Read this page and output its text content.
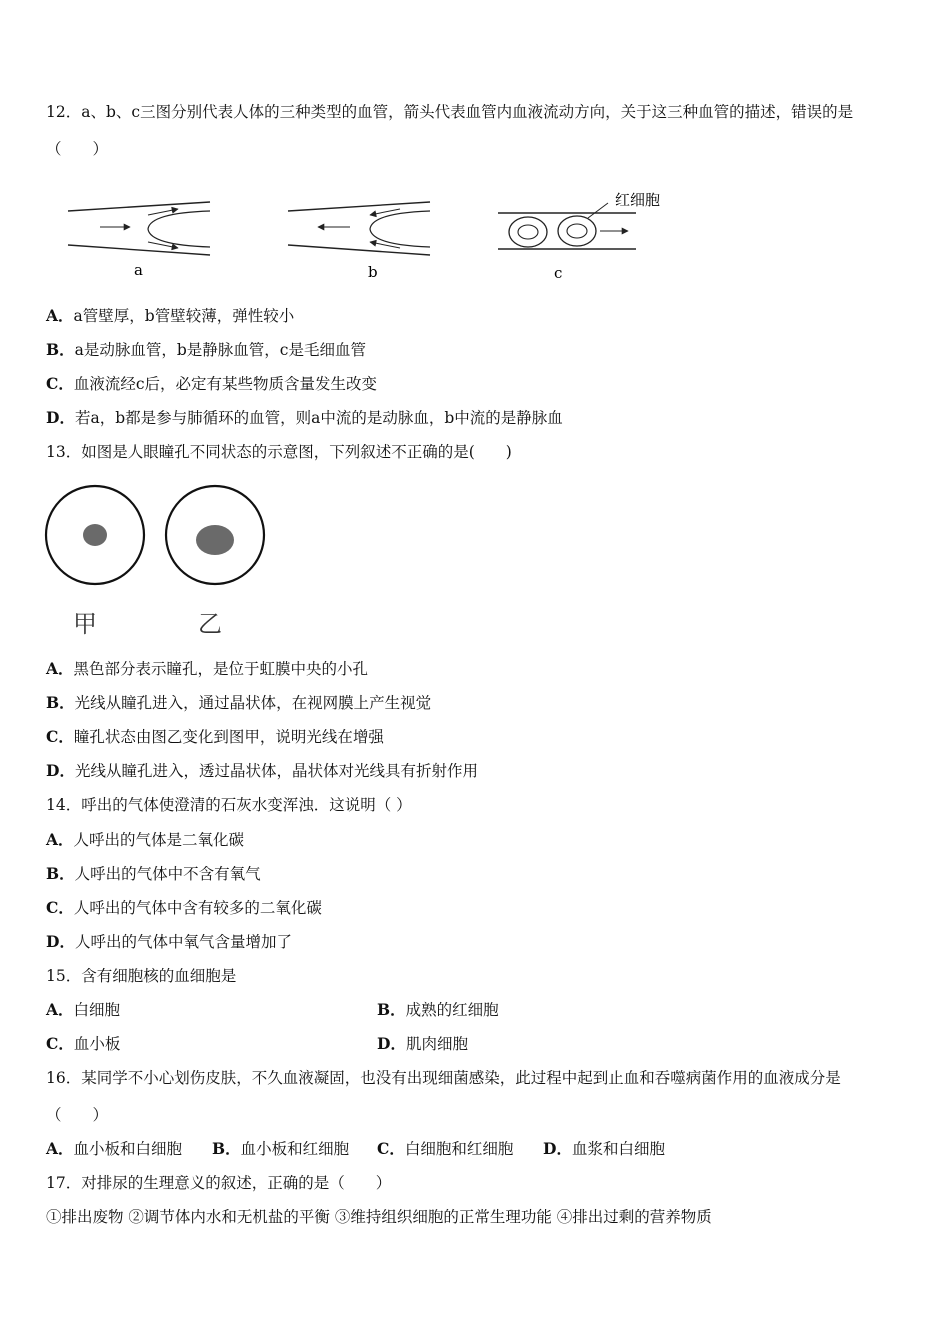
12．a、b、c三图分别代表人体的三种类型的血管，箭头代表血管内血液流动方向，关于这三种血管的描述，错误的是
（　　）
a	b	c
红细胞
A．a管壁厚，b管壁较薄，弹性较小
B．a是动脉血管，b是静脉血管，c是毛细血管
C．血液流经c后，必定有某些物质含量发生改变
D．若a，b都是参与肺循环的血管，则a中流的是动脉血，b中流的是静脉血
13．如图是人眼瞳孔不同状态的示意图，下列叙述不正确的是(　　)
甲	乙
A．黑色部分表示瞳孔，是位于虹膜中央的小孔
B．光线从瞳孔进入，通过晶状体，在视网膜上产生视觉
C．瞳孔状态由图乙变化到图甲，说明光线在增强
D．光线从瞳孔进入，透过晶状体，晶状体对光线具有折射作用
14．呼出的气体使澄清的石灰水变浑浊．这说明（ ）
A．人呼出的气体是二氧化碳
B．人呼出的气体中不含有氧气
C．人呼出的气体中含有较多的二氧化碳
D．人呼出的气体中氧气含量增加了
15．含有细胞核的血细胞是
A．白细胞	B．成熟的红细胞
C．血小板	D．肌肉细胞
16．某同学不小心划伤皮肤，不久血液凝固，也没有出现细菌感染，此过程中起到止血和吞噬病菌作用的血液成分是
（　　）
A．血小板和白细胞 B．血小板和红细胞 C．白细胞和红细胞 D．血浆和白细胞
17．对排尿的生理意义的叙述，正确的是（　　）
①排出废物 ②调节体内水和无机盐的平衡 ③维持组织细胞的正常生理功能 ④排出过剩的营养物质
